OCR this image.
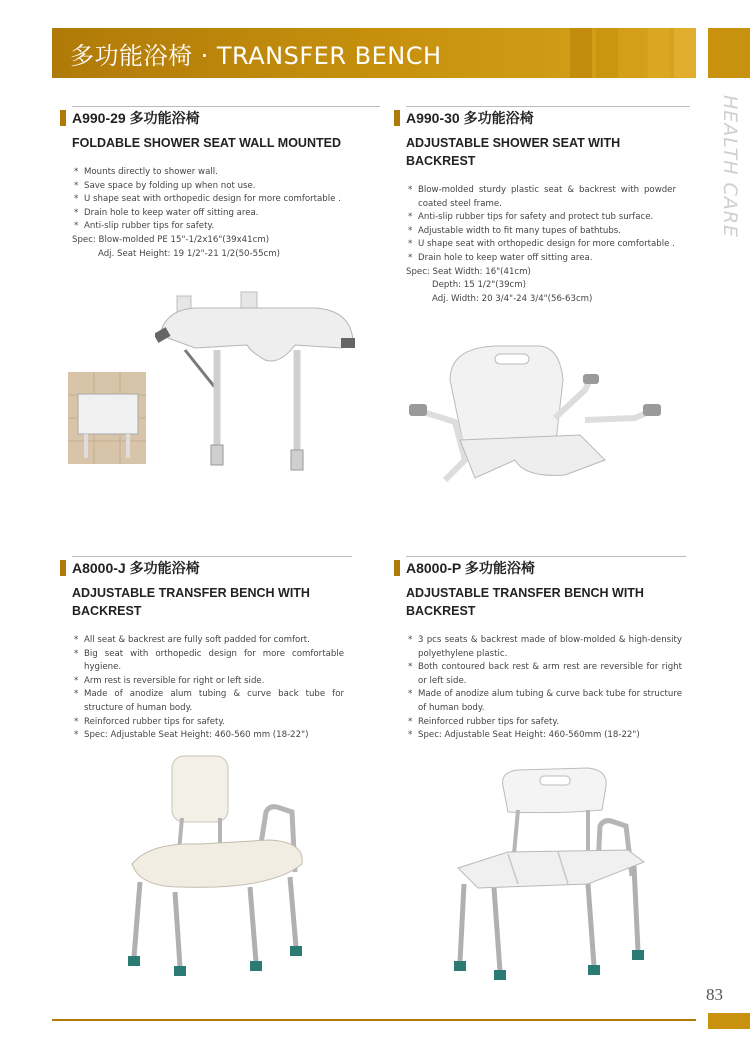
多功能浴椅 · TRANSFER BENCH
HEALTH CARE
A990-29 多功能浴椅
FOLDABLE SHOWER SEAT WALL MOUNTED
* Mounts directly to shower wall.
* Save space by folding up when not use.
* U shape seat with orthopedic design for more comfortable .
* Drain hole to keep water off sitting area.
* Anti-slip rubber tips for safety.
Spec: Blow-molded PE 15"-1/2x16"(39x41cm)
Adj. Seat Height: 19 1/2"-21 1/2(50-55cm)
A990-30 多功能浴椅
ADJUSTABLE SHOWER SEAT WITH BACKREST
* Blow-molded sturdy plastic seat & backrest with powder coated steel frame.
* Anti-slip rubber tips for safety and protect tub surface.
* Adjustable width to fit many tupes of bathtubs.
* U shape seat with orthopedic design for more comfortable .
* Drain hole to keep water off sitting area.
Spec: Seat Width: 16"(41cm)
Depth: 15 1/2"(39cm)
Adj. Width: 20 3/4"-24 3/4"(56-63cm)
A8000-J 多功能浴椅
ADJUSTABLE TRANSFER BENCH WITH BACKREST
* All seat & backrest are fully soft padded for comfort.
* Big seat with orthopedic design for more comfortable hygiene.
* Arm rest is reversible for right or left side.
* Made of anodize alum tubing & curve back tube for structure of human body.
* Reinforced rubber tips for safety.
* Spec: Adjustable Seat Height: 460-560 mm (18-22")
A8000-P 多功能浴椅
ADJUSTABLE TRANSFER BENCH WITH BACKREST
* 3 pcs seats & backrest made of blow-molded & high-density polyethylene plastic.
* Both contoured back rest & arm rest are reversible for right or left side.
* Made of anodize alum tubing & curve back tube for structure of human body.
* Reinforced rubber tips for safety.
* Spec: Adjustable Seat Height: 460-560mm (18-22")
83
